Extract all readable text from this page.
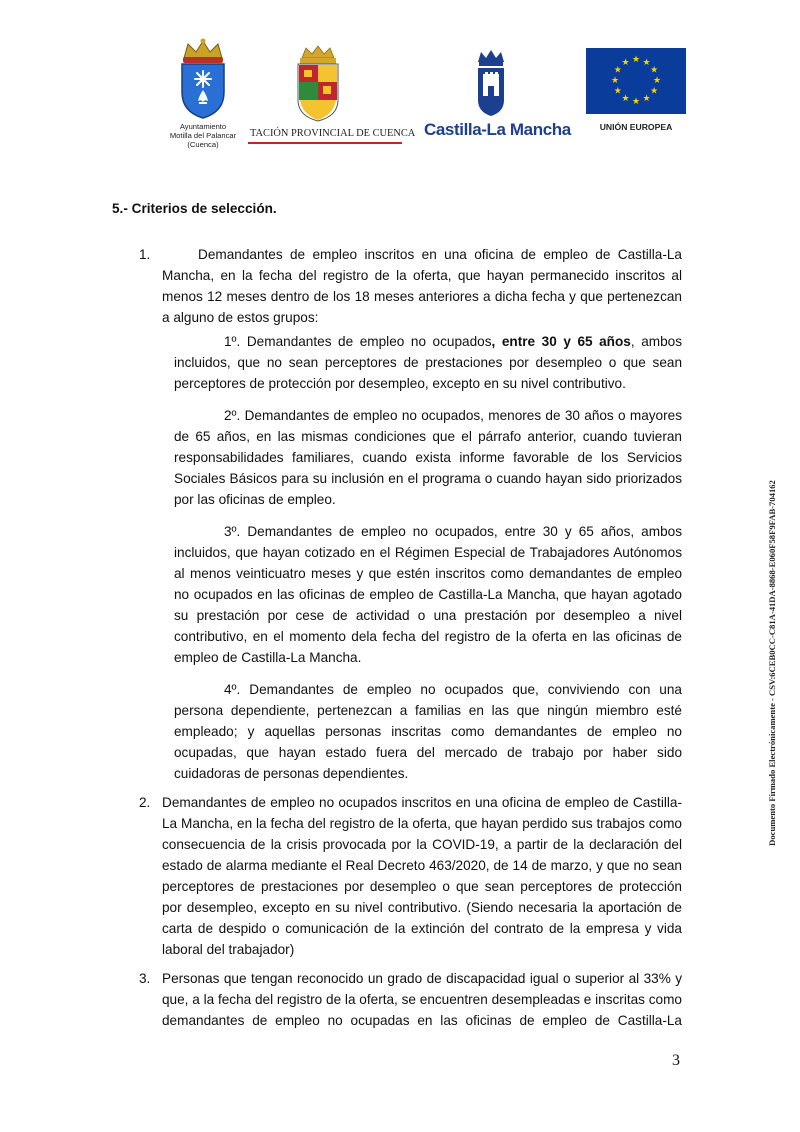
Ayuntamiento
Motilla del Palancar
(Cuenca)
TACIÓN PROVINCIAL DE CUENCA Castilla-La Mancha
★ ★
★
★
★
★
★
★
★
★
★
★
UNIÓN EUROPEA
Documento Firmado Electrónicamente - CSV:6CEB0CC-C81A-41DA-8868-E060F58F9FAB-704162

5.- Criterios de selección.

1.	Demandantes de empleo inscritos en una oficina de empleo de Castilla-La Mancha, en la fecha del registro de la oferta, que hayan permanecido inscritos al menos 12 meses dentro de los 18 meses anteriores a dicha fecha y que pertenezcan a alguno de estos grupos:

1º. Demandantes de empleo no ocupados, entre 30 y 65 años, ambos incluidos, que no sean perceptores de prestaciones por desempleo o que sean perceptores de protección por desempleo, excepto en su nivel contributivo.

2º. Demandantes de empleo no ocupados, menores de 30 años o mayores de 65 años, en las mismas condiciones que el párrafo anterior, cuando tuvieran responsabilidades familiares, cuando exista informe favorable de los Servicios Sociales Básicos para su inclusión en el programa o cuando hayan sido priorizados por las oficinas de empleo.

3º. Demandantes de empleo no ocupados, entre 30 y 65 años, ambos incluidos, que hayan cotizado en el Régimen Especial de Trabajadores Autónomos al menos veinticuatro meses y que estén inscritos como demandantes de empleo no ocupados en las oficinas de empleo de Castilla-La Mancha, que hayan agotado su prestación por cese de actividad o una prestación por desempleo a nivel contributivo, en el momento dela fecha del registro de la oferta en las oficinas de empleo de Castilla-La Mancha.

4º. Demandantes de empleo no ocupados que, conviviendo con una persona dependiente, pertenezcan a familias en las que ningún miembro esté empleado; y aquellas personas inscritas como demandantes de empleo no ocupadas, que hayan estado fuera del mercado de trabajo por haber sido cuidadoras de personas dependientes.

2. Demandantes de empleo no ocupados inscritos en una oficina de empleo de Castilla-La Mancha, en la fecha del registro de la oferta, que hayan perdido sus trabajos como consecuencia de la crisis provocada por la COVID-19, a partir de la declaración del estado de alarma mediante el Real Decreto 463/2020, de 14 de marzo, y que no sean perceptores de prestaciones por desempleo o que sean perceptores de protección por desempleo, excepto en su nivel contributivo. (Siendo necesaria la aportación de carta de despido o comunicación de la extinción del contrato de la empresa y vida laboral del trabajador)

3. Personas que tengan reconocido un grado de discapacidad igual o superior al 33% y que, a la fecha del registro de la oferta, se encuentren desempleadas e inscritas como demandantes de empleo no ocupadas en las oficinas de empleo de Castilla-La

3
